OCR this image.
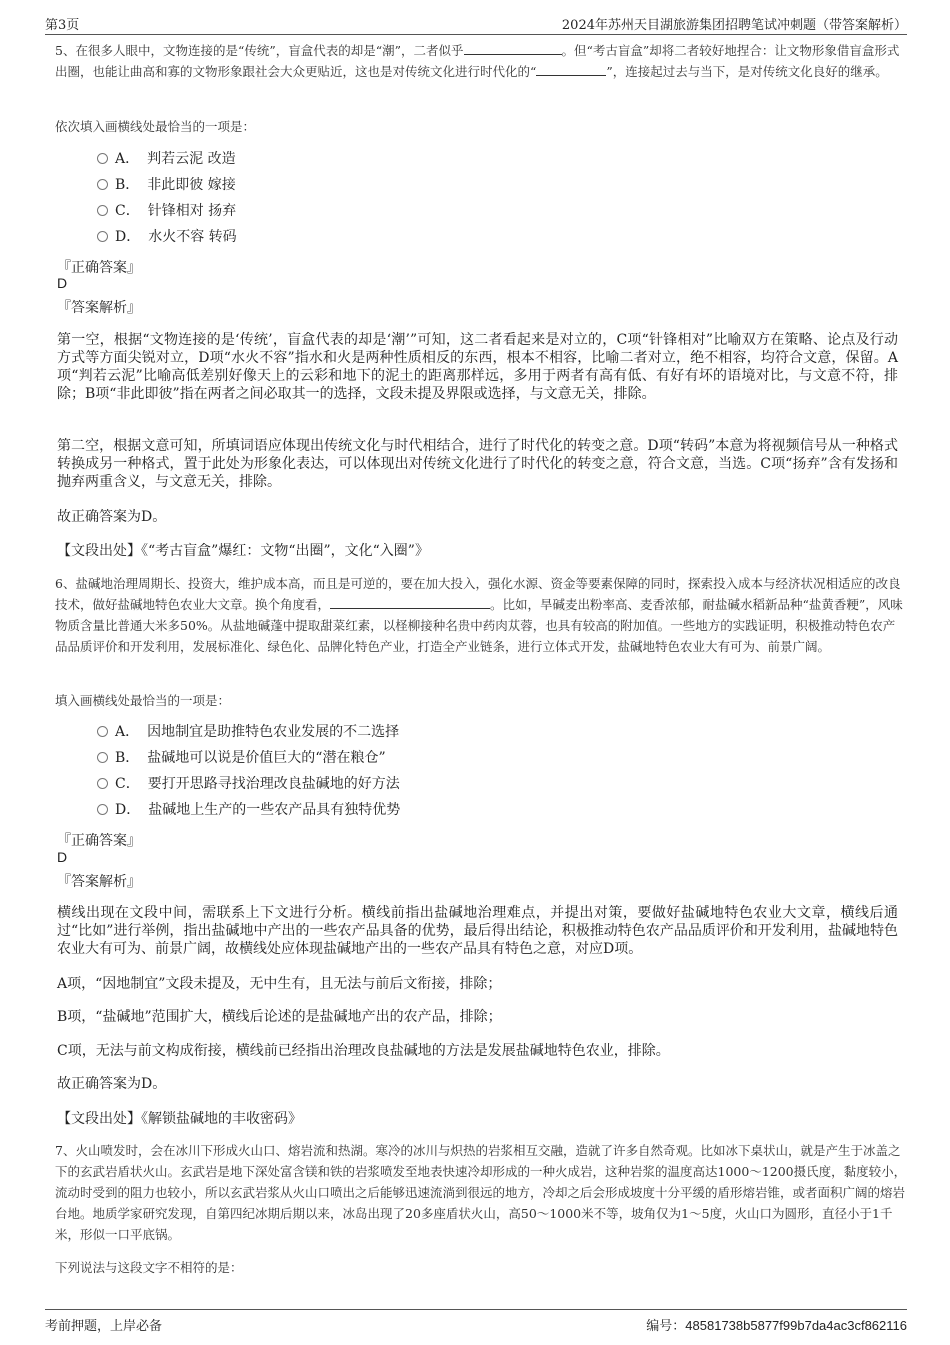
第3页	2024年苏州天目湖旅游集团招聘笔试冲刺题（带答案解析）
5、在很多人眼中，文物连接的是“传统”，盲盒代表的却是“潮”，二者似乎	。但“考古盲盒”却将二者较好地捏合：让文物形象借盲盒形式出圈，也能让曲高和寡的文物形象跟社会大众更贴近，这也是对传统文化进行时代化的“	”，连接起过去与当下，是对传统文化良好的继承。
依次填入画横线处最恰当的一项是：
A． 判若云泥 改造
B． 非此即彼 嫁接
C． 针锋相对 扬弃
D． 水火不容 转码
『正确答案』
D
『答案解析』
第一空，根据“文物连接的是‘传统’，盲盒代表的却是‘潮’”可知，这二者看起来是对立的，C项“针锋相对”比喻双方在策略、论点及行动方式等方面尖锐对立，D项“水火不容”指水和火是两种性质相反的东西，根本不相容，比喻二者对立，绝不相容，均符合文意，保留。A项“判若云泥”比喻高低差别好像天上的云彩和地下的泥土的距离那样远，多用于两者有高有低、有好有坏的语境对比，与文意不符，排除；B项“非此即彼”指在两者之间必取其一的选择，文段未提及界限或选择，与文意无关，排除。
第二空，根据文意可知，所填词语应体现出传统文化与时代相结合，进行了时代化的转变之意。D项“转码”本意为将视频信号从一种格式转换成另一种格式，置于此处为形象化表达，可以体现出对传统文化进行了时代化的转变之意，符合文意，当选。C项“扬弃”含有发扬和抛弃两重含义，与文意无关，排除。
故正确答案为D。
【文段出处】《“考古盲盒”爆红：文物“出圈”，文化“入圈”》
6、盐碱地治理周期长、投资大，维护成本高，而且是可逆的，要在加大投入，强化水源、资金等要素保障的同时，探索投入成本与经济状况相适应的改良技术，做好盐碱地特色农业大文章。换个角度看，	。比如，旱碱麦出粉率高、麦香浓郁，耐盐碱水稻新品种“盐黄香粳”，风味物质含量比普通大米多50%。从盐地碱蓬中提取甜菜红素，以柽柳接种名贵中药肉苁蓉，也具有较高的附加值。一些地方的实践证明，积极推动特色农产品品质评价和开发利用，发展标准化、绿色化、品牌化特色产业，打造全产业链条，进行立体式开发，盐碱地特色农业大有可为、前景广阔。
填入画横线处最恰当的一项是：
A． 因地制宜是助推特色农业发展的不二选择
B． 盐碱地可以说是价值巨大的“潜在粮仓”
C． 要打开思路寻找治理改良盐碱地的好方法
D． 盐碱地上生产的一些农产品具有独特优势
『正确答案』
D
『答案解析』
横线出现在文段中间，需联系上下文进行分析。横线前指出盐碱地治理难点，并提出对策，要做好盐碱地特色农业大文章，横线后通过“比如”进行举例，指出盐碱地中产出的一些农产品具备的优势，最后得出结论，积极推动特色农产品品质评价和开发利用，盐碱地特色农业大有可为、前景广阔，故横线处应体现盐碱地产出的一些农产品具有特色之意，对应D项。
A项，“因地制宜”文段未提及，无中生有，且无法与前后文衔接，排除；
B项，“盐碱地”范围扩大，横线后论述的是盐碱地产出的农产品，排除；
C项，无法与前文构成衔接，横线前已经指出治理改良盐碱地的方法是发展盐碱地特色农业，排除。
故正确答案为D。
【文段出处】《解锁盐碱地的丰收密码》
7、火山喷发时，会在冰川下形成火山口、熔岩流和热湖。寒冷的冰川与炽热的岩浆相互交融，造就了许多自然奇观。比如冰下桌状山，就是产生于冰盖之下的玄武岩盾状火山。玄武岩是地下深处富含镁和铁的岩浆喷发至地表快速冷却形成的一种火成岩，这种岩浆的温度高达1000～1200摄氏度，黏度较小，流动时受到的阻力也较小，所以玄武岩浆从火山口喷出之后能够迅速流淌到很远的地方，冷却之后会形成坡度十分平缓的盾形熔岩锥，或者面积广阔的熔岩台地。地质学家研究发现，自第四纪冰期后期以来，冰岛出现了20多座盾状火山，高50～1000米不等，坡角仅为1～5度，火山口为圆形，直径小于1千米，形似一口平底锅。
下列说法与这段文字不相符的是：
考前押题，上岸必备	编号：48581738b5877f99b7da4ac3cf862116
